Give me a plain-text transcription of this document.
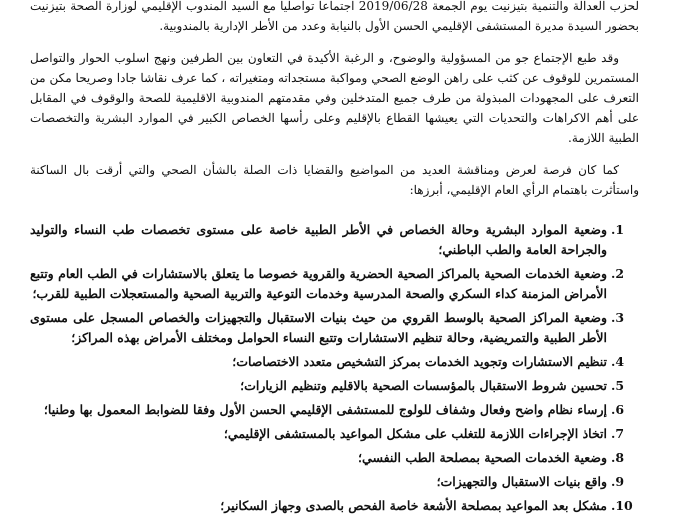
لحزب العدالة والتنمية بتيزنيت يوم الجمعة 2019/06/28 اجتماعا تواصليا مع السيد المندوب الإقليمي لوزارة الصحة بتيزنيت بحضور السيدة مديرة المستشفى الإقليمي الحسن الأول بالنيابة وعدد من الأطر الإدارية بالمندوبية.

وقد طبع الإجتماع جو من المسؤولية والوضوح، و الرغبة الأكيدة في التعاون بين الطرفين ونهج اسلوب الحوار والتواصل المستمرين للوقوف عن كثب على راهن الوضع الصحي ومواكبة مستجداته ومتغيراته ، كما عرف نقاشا جادا وصريحا مكن من التعرف على المجهودات المبذولة من طرف جميع المتدخلين وفي مقدمتهم المندوبية الاقليمية للصحة والوقوف في المقابل على أهم الاكراهات والتحديات التي يعيشها القطاع بالإقليم وعلى رأسها الخصاص الكبير في الموارد البشرية والتخصصات الطبية اللازمة.

كما كان فرصة لعرض ومناقشة العديد من المواضيع والقضايا ذات الصلة بالشأن الصحي والتي أرقت بال الساكنة واستأثرت باهتمام الرأي العام الإقليمي، أبرزها:

1.
وضعية الموارد البشرية وحالة الخصاص في الأطر الطبية خاصة على مستوى تخصصات طب النساء والتوليد والجراحة العامة والطب الباطني؛
2.
وضعية الخدمات الصحية بالمراكز الصحية الحضرية والقروية خصوصا ما يتعلق بالاستشارات في الطب العام وتتبع الأمراض المزمنة كداء السكري والصحة المدرسية وخدمات التوعية والتربية الصحية والمستعجلات الطبية للقرب؛
3.
وضعية المراكز الصحية بالوسط القروي من حيث بنيات الاستقبال والتجهيزات والخصاص المسجل على مستوى الأطر الطبية والتمريضية، وحالة تنظيم الاستشارات وتتبع النساء الحوامل ومختلف الأمراض بهذه المراكز؛
4.
تنظيم الاستشارات وتجويد الخدمات بمركز التشخيص متعدد الاختصاصات؛
5.
تحسين شروط الاستقبال بالمؤسسات الصحية بالاقليم وتنظيم الزيارات؛
6.
إرساء نظام واضح وفعال وشفاف للولوج للمستشفى الإقليمي الحسن الأول وفقا للضوابط المعمول بها وطنيا؛
7.
اتخاذ الإجراءات اللازمة للتغلب على مشكل المواعيد بالمستشفى الإقليمي؛
8.
وضعية الخدمات الصحية بمصلحة الطب النفسي؛
9.
واقع بنيات الاستقبال والتجهيزات؛
10.
مشكل بعد المواعيد بمصلحة الأشعة خاصة الفحص بالصدى وجهاز السكانير؛
